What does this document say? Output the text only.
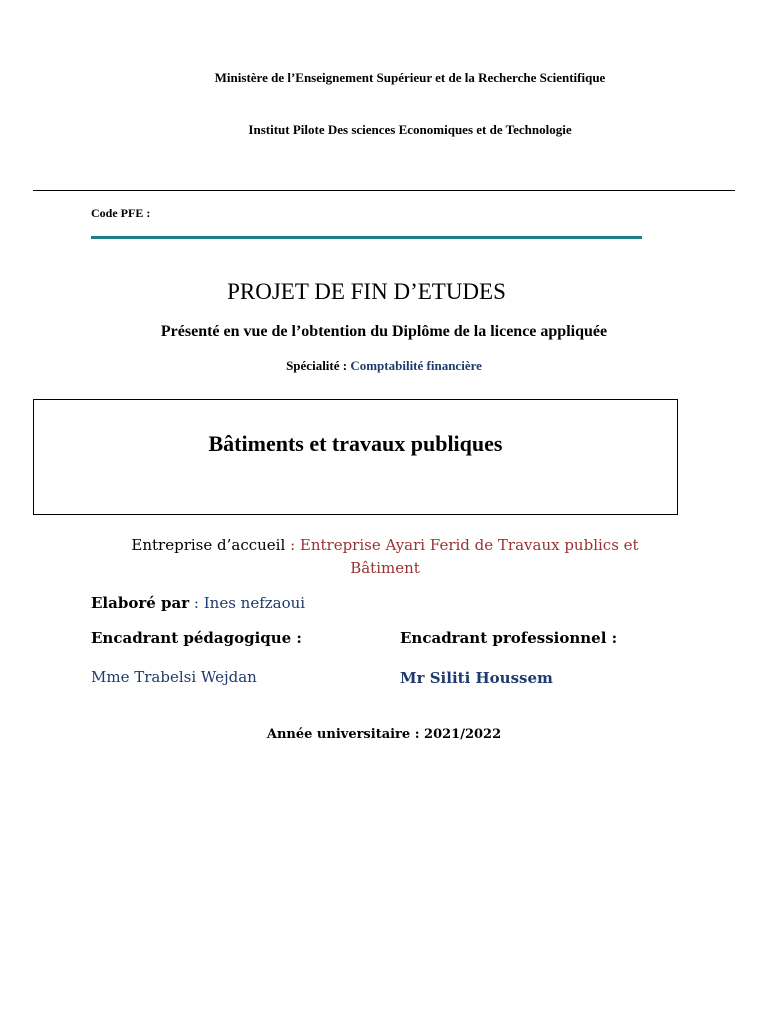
Ministère de l’Enseignement Supérieur et de la Recherche Scientifique
Institut Pilote Des sciences Economiques et de Technologie
Code PFE :
PROJET DE FIN D’ETUDES
Présenté en vue de l’obtention du Diplôme de la licence appliquée
Spécialité : Comptabilité financière
Bâtiments et travaux publiques
Entreprise d’accueil : Entreprise Ayari Ferid de Travaux publics et Bâtiment
Elaboré par : Ines nefzaoui
Encadrant pédagogique :	Encadrant professionnel :
Mme Trabelsi Wejdan	Mr Siliti Houssem
Année universitaire : 2021/2022
